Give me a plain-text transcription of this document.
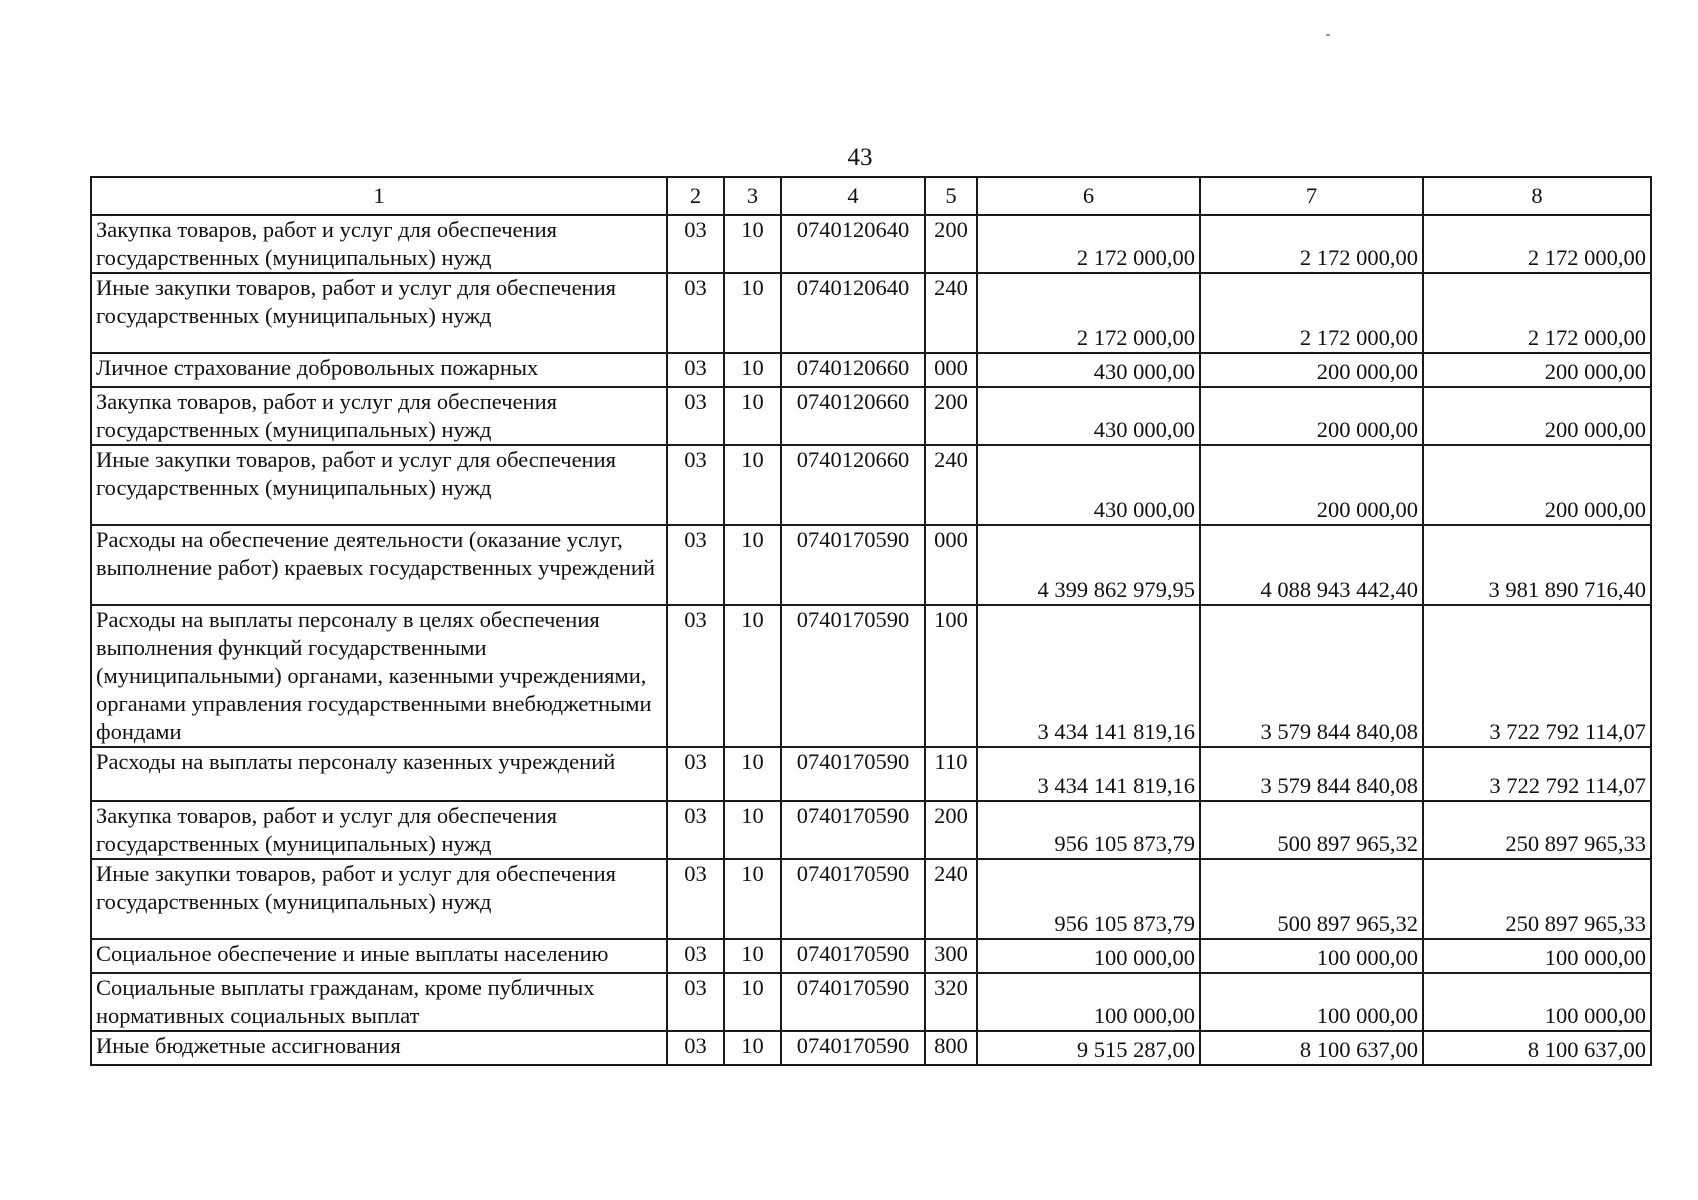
43
1	2	3	4	5	6	7	8
Закупка товаров, работ и услуг для обеспечения государственных (муниципальных) нужд	03	10	0740120640	200	2 172 000,00	2 172 000,00	2 172 000,00
Иные закупки товаров, работ и услуг для обеспечения государственных (муниципальных) нужд	03	10	0740120640	240	2 172 000,00	2 172 000,00	2 172 000,00
Личное страхование добровольных пожарных	03	10	0740120660	000	430 000,00	200 000,00	200 000,00
Закупка товаров, работ и услуг для обеспечения государственных (муниципальных) нужд	03	10	0740120660	200	430 000,00	200 000,00	200 000,00
Иные закупки товаров, работ и услуг для обеспечения государственных (муниципальных) нужд	03	10	0740120660	240	430 000,00	200 000,00	200 000,00
Расходы на обеспечение деятельности (оказание услуг, выполнение работ) краевых государственных учреждений	03	10	0740170590	000	4 399 862 979,95	4 088 943 442,40	3 981 890 716,40
Расходы на выплаты персоналу в целях обеспечения выполнения функций государственными (муниципальными) органами, казенными учреждениями, органами управления государственными внебюджетными фондами	03	10	0740170590	100	3 434 141 819,16	3 579 844 840,08	3 722 792 114,07
Расходы на выплаты персоналу казенных учреждений	03	10	0740170590	110	3 434 141 819,16	3 579 844 840,08	3 722 792 114,07
Закупка товаров, работ и услуг для обеспечения государственных (муниципальных) нужд	03	10	0740170590	200	956 105 873,79	500 897 965,32	250 897 965,33
Иные закупки товаров, работ и услуг для обеспечения государственных (муниципальных) нужд	03	10	0740170590	240	956 105 873,79	500 897 965,32	250 897 965,33
Социальное обеспечение и иные выплаты населению	03	10	0740170590	300	100 000,00	100 000,00	100 000,00
Социальные выплаты гражданам, кроме публичных нормативных социальных выплат	03	10	0740170590	320	100 000,00	100 000,00	100 000,00
Иные бюджетные ассигнования	03	10	0740170590	800	9 515 287,00	8 100 637,00	8 100 637,00
